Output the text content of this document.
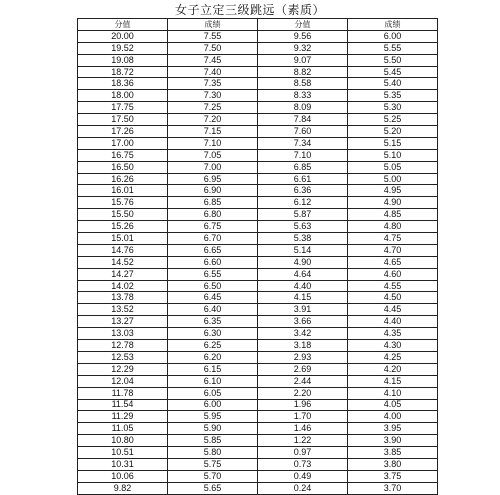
女子立定三级跳远（素质）
分值	成绩	分值	成绩
20.00	7.55	9.56	6.00
19.52	7.50	9.32	5.55
19.08	7.45	9.07	5.50
18.72	7.40	8.82	5.45
18.36	7.35	8.58	5.40
18.00	7.30	8.33	5.35
17.75	7.25	8.09	5.30
17.50	7.20	7.84	5.25
17.26	7.15	7.60	5.20
17.00	7.10	7.34	5.15
16.75	7.05	7.10	5.10
16.50	7.00	6.85	5.05
16.26	6.95	6.61	5.00
16.01	6.90	6.36	4.95
15.76	6.85	6.12	4.90
15.50	6.80	5.87	4.85
15.26	6.75	5.63	4.80
15.01	6.70	5.38	4.75
14.76	6.65	5.14	4.70
14.52	6.60	4.90	4.65
14.27	6.55	4.64	4.60
14.02	6.50	4.40	4.55
13.78	6.45	4.15	4.50
13.52	6.40	3.91	4.45
13.27	6.35	3.66	4.40
13.03	6.30	3.42	4.35
12.78	6.25	3.18	4.30
12.53	6.20	2.93	4.25
12.29	6.15	2.69	4.20
12.04	6.10	2.44	4.15
11.78	6.05	2.20	4.10
11.54	6.00	1.96	4.05
11.29	5.95	1.70	4.00
11.05	5.90	1.46	3.95
10.80	5.85	1.22	3.90
10.51	5.80	0.97	3.85
10.31	5.75	0.73	3.80
10.06	5.70	0.49	3.75
9.82	5.65	0.24	3.70
